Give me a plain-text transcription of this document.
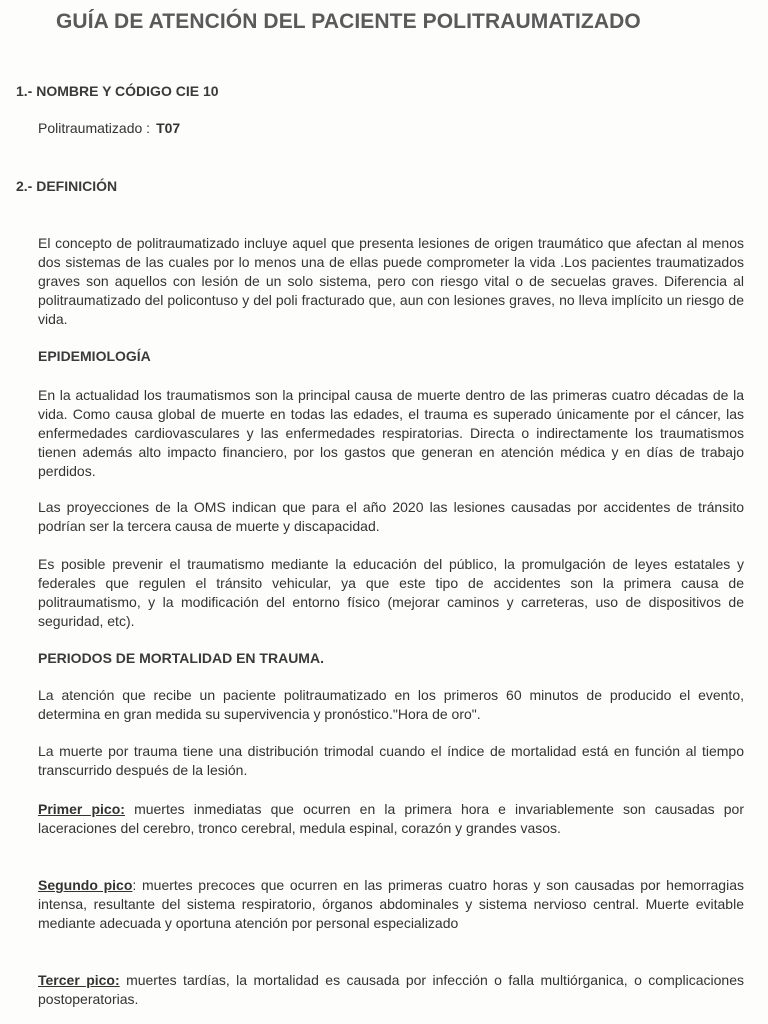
GUÍA DE ATENCIÓN DEL PACIENTE POLITRAUMATIZADO
1.- NOMBRE Y CÓDIGO CIE 10

Politraumatizado : T07

2.- DEFINICIÓN

El concepto de politraumatizado incluye aquel que presenta lesiones de origen traumático que afectan al menos dos sistemas de las cuales por lo menos una de ellas puede comprometer la vida .Los pacientes traumatizados graves son aquellos con lesión de un solo sistema, pero con riesgo vital o de secuelas graves. Diferencia al politraumatizado del policontuso y del poli fracturado que, aun con lesiones graves, no lleva implícito un riesgo de vida.

EPIDEMIOLOGÍA

En la actualidad los traumatismos son la principal causa de muerte dentro de las primeras cuatro décadas de la vida. Como causa global de muerte en todas las edades, el trauma es superado únicamente por el cáncer, las enfermedades cardiovasculares y las enfermedades respiratorias. Directa o indirectamente los traumatismos tienen además alto impacto financiero, por los gastos que generan en atención médica y en días de trabajo perdidos.

Las proyecciones de la OMS indican que para el año 2020 las lesiones causadas por accidentes de tránsito podrían ser la tercera causa de muerte y discapacidad.

Es posible prevenir el traumatismo mediante la educación del público, la promulgación de leyes estatales y federales que regulen el tránsito vehicular, ya que este tipo de accidentes son la primera causa de politraumatismo, y la modificación del entorno físico (mejorar caminos y carreteras, uso de dispositivos de seguridad, etc).

PERIODOS DE MORTALIDAD EN TRAUMA.

La atención que recibe un paciente politraumatizado en los primeros 60 minutos de producido el evento, determina en gran medida su supervivencia y pronóstico."Hora de oro".

La muerte por trauma tiene una distribución trimodal cuando el índice de mortalidad está en función al tiempo transcurrido después de la lesión.

Primer pico: muertes inmediatas que ocurren en la primera hora e invariablemente son causadas por laceraciones del cerebro, tronco cerebral, medula espinal, corazón y grandes vasos.

Segundo pico: muertes precoces que ocurren en las primeras cuatro horas y son causadas por hemorragias intensa, resultante del sistema respiratorio, órganos abdominales y sistema nervioso central. Muerte evitable mediante adecuada y oportuna atención por personal especializado

Tercer pico: muertes tardías, la mortalidad es causada por infección o falla multiórganica, o complicaciones postoperatorias.
